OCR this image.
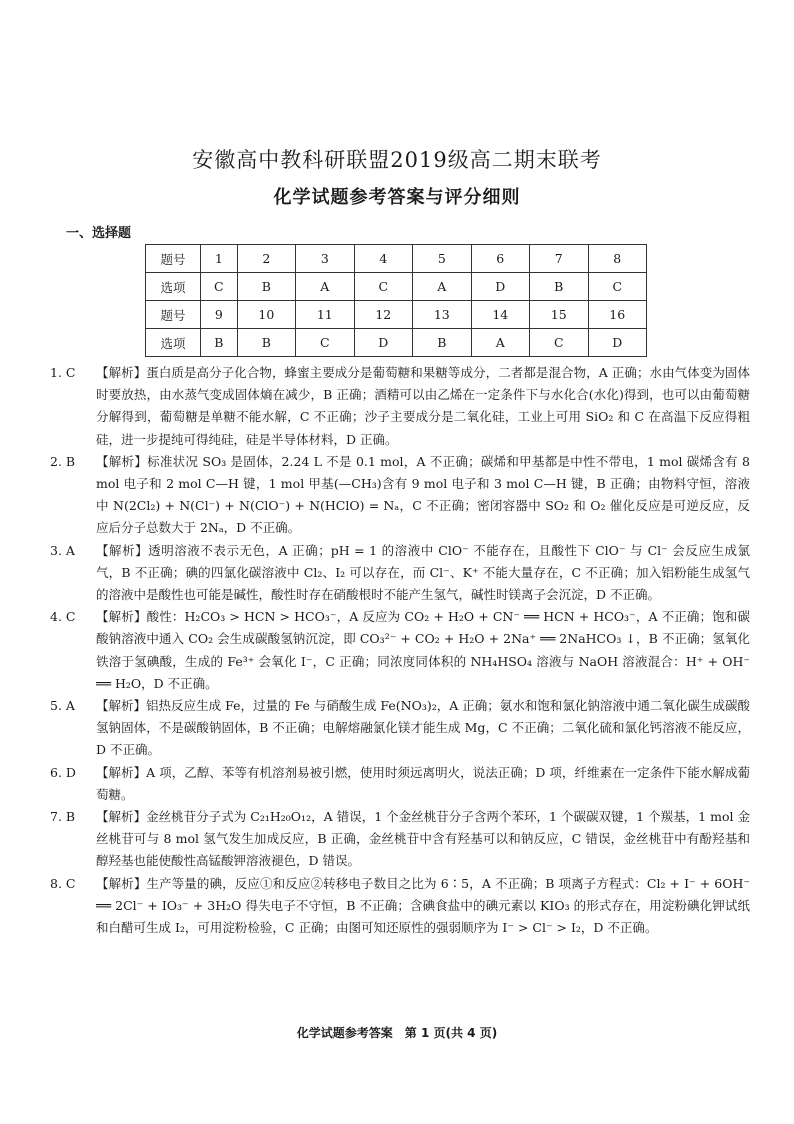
安徽高中教科研联盟2019级高二期末联考
化学试题参考答案与评分细则
一、选择题
题号	1	2	3	4	5	6	7	8
选项	C	B	A	C	A	D	B	C
题号	9	10	11	12	13	14	15	16
选项	B	B	C	D	B	A	C	D
1. C	【解析】蛋白质是高分子化合物，蜂蜜主要成分是葡萄糖和果糖等成分，二者都是混合物，A 正确；水由气体变为固体时要放热，由水蒸气变成固体熵在减少，B 正确；酒精可以由乙烯在一定条件下与水化合(水化)得到，也可以由葡萄糖分解得到，葡萄糖是单糖不能水解，C 不正确；沙子主要成分是二氧化硅，工业上可用 SiO₂ 和 C 在高温下反应得粗硅，进一步提纯可得纯硅，硅是半导体材料，D 正确。
2. B	【解析】标准状况 SO₃ 是固体，2.24 L 不是 0.1 mol，A 不正确；碳烯和甲基都是中性不带电，1 mol 碳烯含有 8 mol 电子和 2 mol C—H 键，1 mol 甲基(—CH₃)含有 9 mol 电子和 3 mol C—H 键，B 正确；由物料守恒，溶液中 N(2Cl₂) + N(Cl⁻) + N(ClO⁻) + N(HClO) = Nₐ，C 不正确；密闭容器中 SO₂ 和 O₂ 催化反应是可逆反应，反应后分子总数大于 2Nₐ，D 不正确。
3. A	【解析】透明溶液不表示无色，A 正确；pH = 1 的溶液中 ClO⁻ 不能存在，且酸性下 ClO⁻ 与 Cl⁻ 会反应生成氯气，B 不正确；碘的四氯化碳溶液中 Cl₂、I₂ 可以存在，而 Cl⁻、K⁺ 不能大量存在，C 不正确；加入铝粉能生成氢气的溶液中是酸性也可能是碱性，酸性时存在硝酸根时不能产生氢气，碱性时镁离子会沉淀，D 不正确。
4. C	【解析】酸性：H₂CO₃ > HCN > HCO₃⁻，A 反应为 CO₂ + H₂O + CN⁻ ══ HCN + HCO₃⁻，A 不正确；饱和碳酸钠溶液中通入 CO₂ 会生成碳酸氢钠沉淀，即 CO₃²⁻ + CO₂ + H₂O + 2Na⁺ ══ 2NaHCO₃ ↓，B 不正确；氢氧化铁溶于氢碘酸，生成的 Fe³⁺ 会氧化 I⁻，C 正确；同浓度同体积的 NH₄HSO₄ 溶液与 NaOH 溶液混合：H⁺ + OH⁻ ══ H₂O，D 不正确。
5. A	【解析】铝热反应生成 Fe，过量的 Fe 与硝酸生成 Fe(NO₃)₂，A 正确；氨水和饱和氯化钠溶液中通二氧化碳生成碳酸氢钠固体，不是碳酸钠固体，B 不正确；电解熔融氯化镁才能生成 Mg，C 不正确；二氧化硫和氯化钙溶液不能反应，D 不正确。
6. D	【解析】A 项，乙醇、苯等有机溶剂易被引燃，使用时须远离明火，说法正确；D 项，纤维素在一定条件下能水解成葡萄糖。
7. B	【解析】金丝桃苷分子式为 C₂₁H₂₀O₁₂，A 错误，1 个金丝桃苷分子含两个苯环，1 个碳碳双键，1 个羰基，1 mol 金丝桃苷可与 8 mol 氢气发生加成反应，B 正确，金丝桃苷中含有羟基可以和钠反应，C 错误，金丝桃苷中有酚羟基和醇羟基也能使酸性高锰酸钾溶液褪色，D 错误。
8. C	【解析】生产等量的碘，反应①和反应②转移电子数目之比为 6∶5，A 不正确；B 项离子方程式：Cl₂ + I⁻ + 6OH⁻ ══ 2Cl⁻ + IO₃⁻ + 3H₂O 得失电子不守恒，B 不正确；含碘食盐中的碘元素以 KIO₃ 的形式存在，用淀粉碘化钾试纸和白醋可生成 I₂，可用淀粉检验，C 正确；由图可知还原性的强弱顺序为 I⁻ > Cl⁻ > I₂，D 不正确。
化学试题参考答案　第 1 页(共 4 页)
